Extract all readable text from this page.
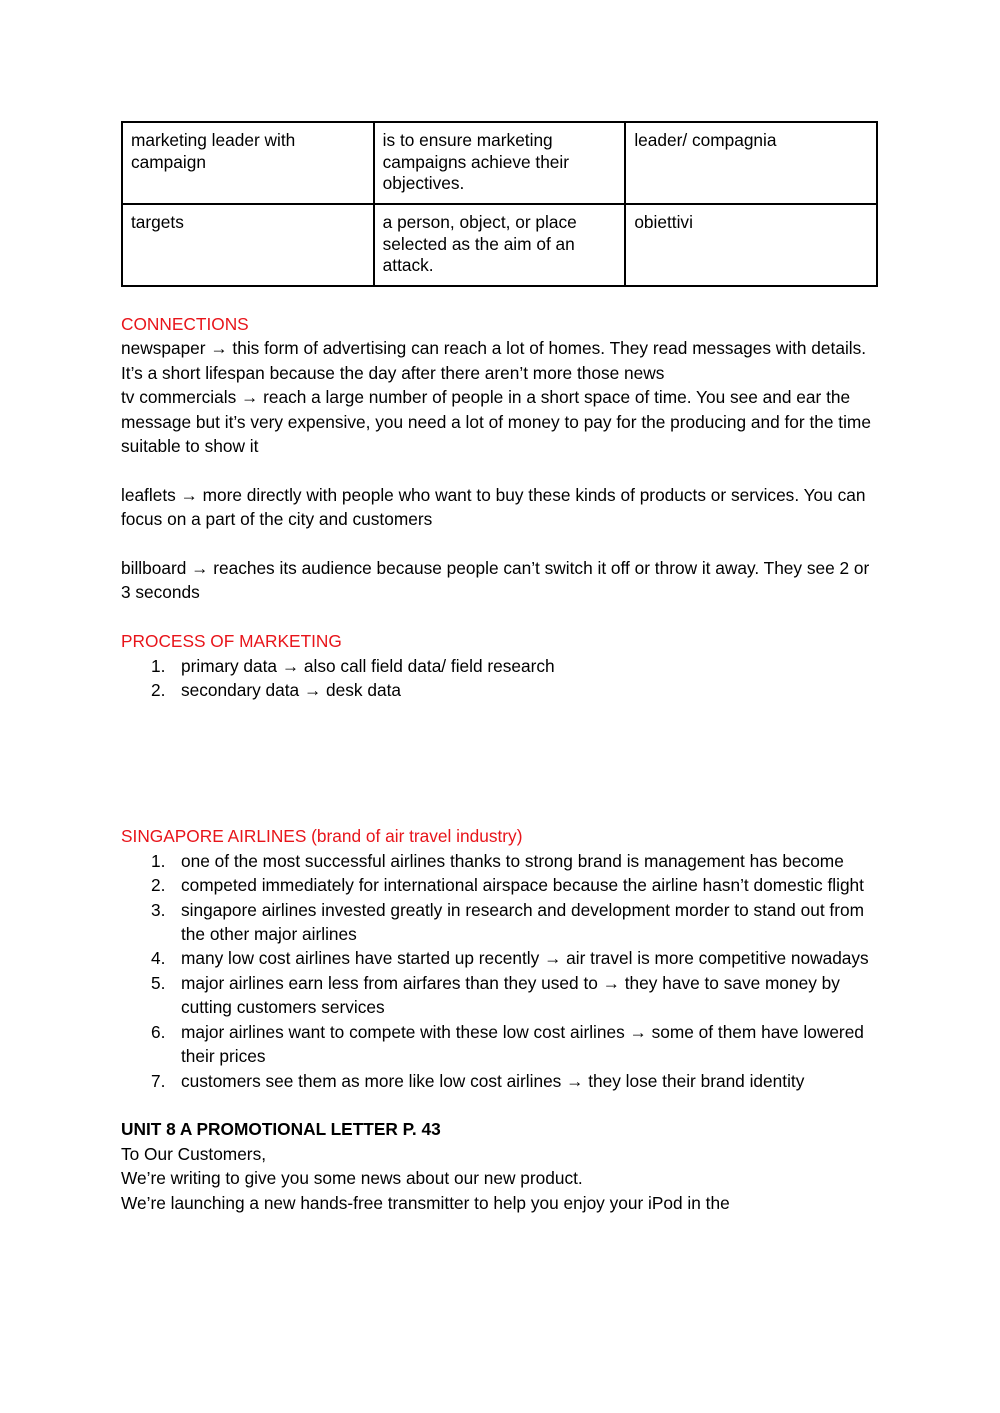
marketing leader with campaign	is to ensure marketing campaigns achieve their objectives.	leader/ compagnia
targets	a person, object, or place selected as the aim of an attack.	obiettivi

CONNECTIONS

newspaper → this form of advertising can reach a lot of homes. They read messages with details. It’s a short lifespan because the day after there aren’t more those news

tv commercials → reach a large number of people in a short space of time. You see and ear the message but it’s very expensive, you need a lot of money to pay for the producing and for the time suitable to show it

leaflets → more directly with people who want to buy these kinds of products or services. You can focus on a part of the city and customers

billboard → reaches its audience because people can’t switch it off or throw it away. They see 2 or 3 seconds

PROCESS OF MARKETING

1. primary data → also call field data/ field research
2. secondary data → desk data

SINGAPORE AIRLINES (brand of air travel industry)

1. one of the most successful airlines thanks to strong brand is management has become
2. competed immediately for international airspace because the airline hasn’t domestic flight
3. singapore airlines invested greatly in research and development morder to stand out from the other major airlines
4. many low cost airlines have started up recently → air travel is more competitive nowadays
5. major airlines earn less from airfares than they used to → they have to save money by cutting customers services
6. major airlines want to compete with these low cost airlines → some of them have lowered their prices
7. customers see them as more like low cost airlines → they lose their brand identity

UNIT 8 A PROMOTIONAL LETTER P. 43

To Our Customers,

We’re writing to give you some news about our new product.

We’re launching a new hands-free transmitter to help you enjoy your iPod in the
